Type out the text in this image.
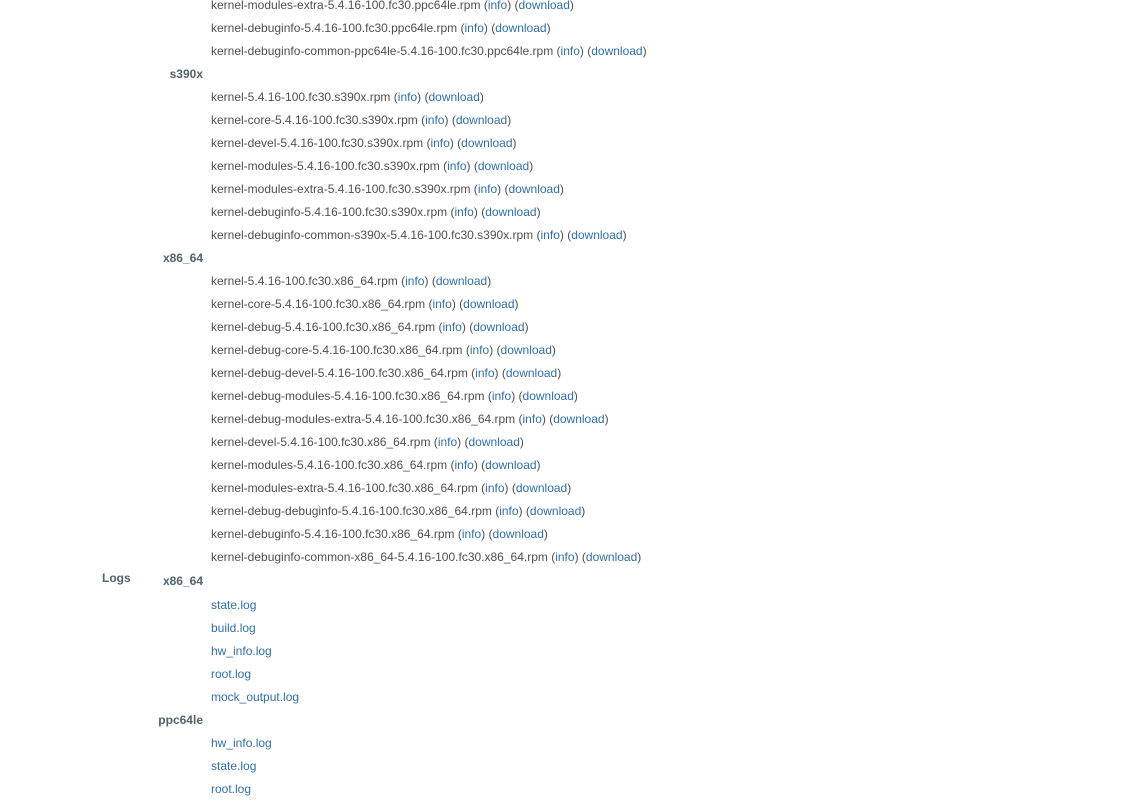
kernel-modules-extra-5.4.16-100.fc30.ppc64le.rpm (info) (download)
kernel-debuginfo-5.4.16-100.fc30.ppc64le.rpm (info) (download)
kernel-debuginfo-common-ppc64le-5.4.16-100.fc30.ppc64le.rpm (info) (download)
s390x
kernel-5.4.16-100.fc30.s390x.rpm (info) (download)
kernel-core-5.4.16-100.fc30.s390x.rpm (info) (download)
kernel-devel-5.4.16-100.fc30.s390x.rpm (info) (download)
kernel-modules-5.4.16-100.fc30.s390x.rpm (info) (download)
kernel-modules-extra-5.4.16-100.fc30.s390x.rpm (info) (download)
kernel-debuginfo-5.4.16-100.fc30.s390x.rpm (info) (download)
kernel-debuginfo-common-s390x-5.4.16-100.fc30.s390x.rpm (info) (download)
x86_64
kernel-5.4.16-100.fc30.x86_64.rpm (info) (download)
kernel-core-5.4.16-100.fc30.x86_64.rpm (info) (download)
kernel-debug-5.4.16-100.fc30.x86_64.rpm (info) (download)
kernel-debug-core-5.4.16-100.fc30.x86_64.rpm (info) (download)
kernel-debug-devel-5.4.16-100.fc30.x86_64.rpm (info) (download)
kernel-debug-modules-5.4.16-100.fc30.x86_64.rpm (info) (download)
kernel-debug-modules-extra-5.4.16-100.fc30.x86_64.rpm (info) (download)
kernel-devel-5.4.16-100.fc30.x86_64.rpm (info) (download)
kernel-modules-5.4.16-100.fc30.x86_64.rpm (info) (download)
kernel-modules-extra-5.4.16-100.fc30.x86_64.rpm (info) (download)
kernel-debug-debuginfo-5.4.16-100.fc30.x86_64.rpm (info) (download)
kernel-debuginfo-5.4.16-100.fc30.x86_64.rpm (info) (download)
kernel-debuginfo-common-x86_64-5.4.16-100.fc30.x86_64.rpm (info) (download)
Logs	x86_64
state.log
build.log
hw_info.log
root.log
mock_output.log
ppc64le
hw_info.log
state.log
root.log
